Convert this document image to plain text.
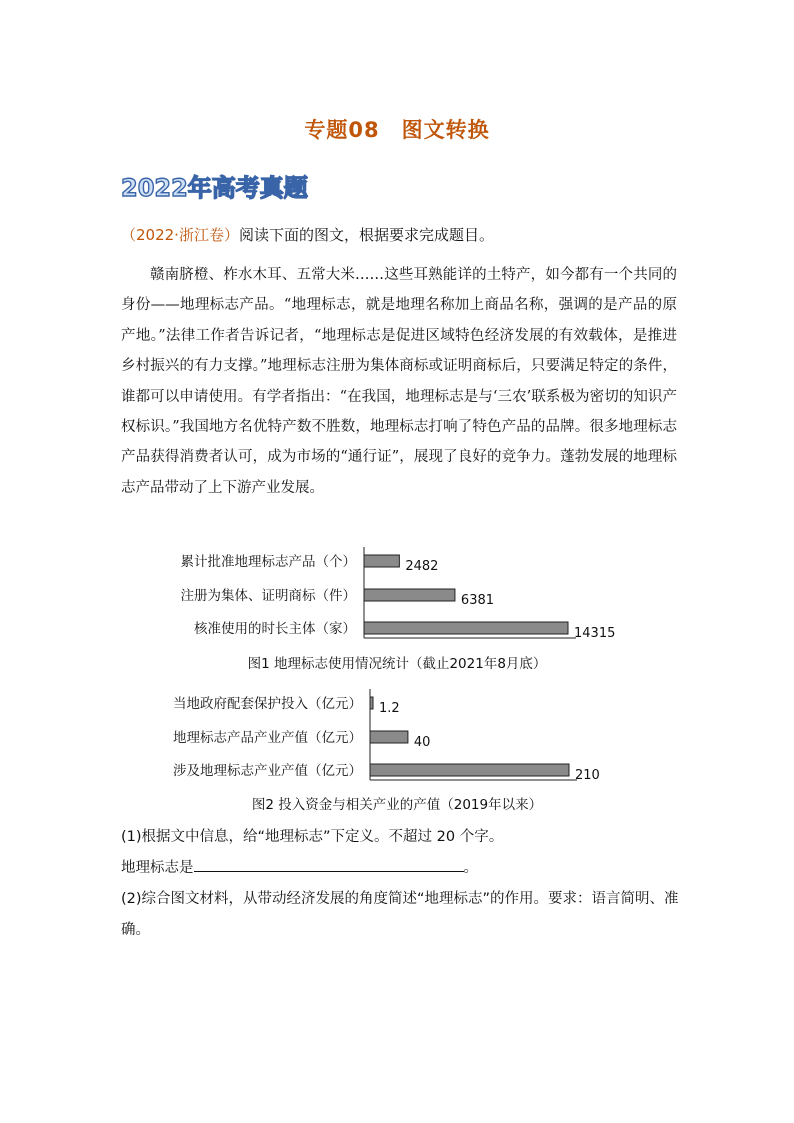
专题08　图文转换
2022年高考真题
（2022·浙江卷）阅读下面的图文，根据要求完成题目。

赣南脐橙、柞水木耳、五常大米……这些耳熟能详的土特产，如今都有一个共同的身份——地理标志产品。“地理标志，就是地理名称加上商品名称，强调的是产品的原产地。”法律工作者告诉记者，“地理标志是促进区域特色经济发展的有效载体，是推进乡村振兴的有力支撑。”地理标志注册为集体商标或证明商标后，只要满足特定的条件，谁都可以申请使用。有学者指出：“在我国，地理标志是与‘三农’联系极为密切的知识产权标识。”我国地方名优特产数不胜数，地理标志打响了特色产品的品牌。很多地理标志产品获得消费者认可，成为市场的“通行证”，展现了良好的竞争力。蓬勃发展的地理标志产品带动了上下游产业发展。

累计批准地理标志产品（个）	2482
注册为集体、证明商标（件）	6381
核准使用的时长主体（家）	14315
图1 地理标志使用情况统计（截止2021年8月底）
当地政府配套保护投入（亿元） 1.2
地理标志产品产业产值（亿元）	40
涉及地理标志产业产值（亿元）	210
图2 投入资金与相关产业的产值（2019年以来）
(1)根据文中信息，给“地理标志”下定义。不超过 20 个字。
地理标志是	。
(2)综合图文材料，从带动经济发展的角度简述“地理标志”的作用。要求：语言简明、准确。
